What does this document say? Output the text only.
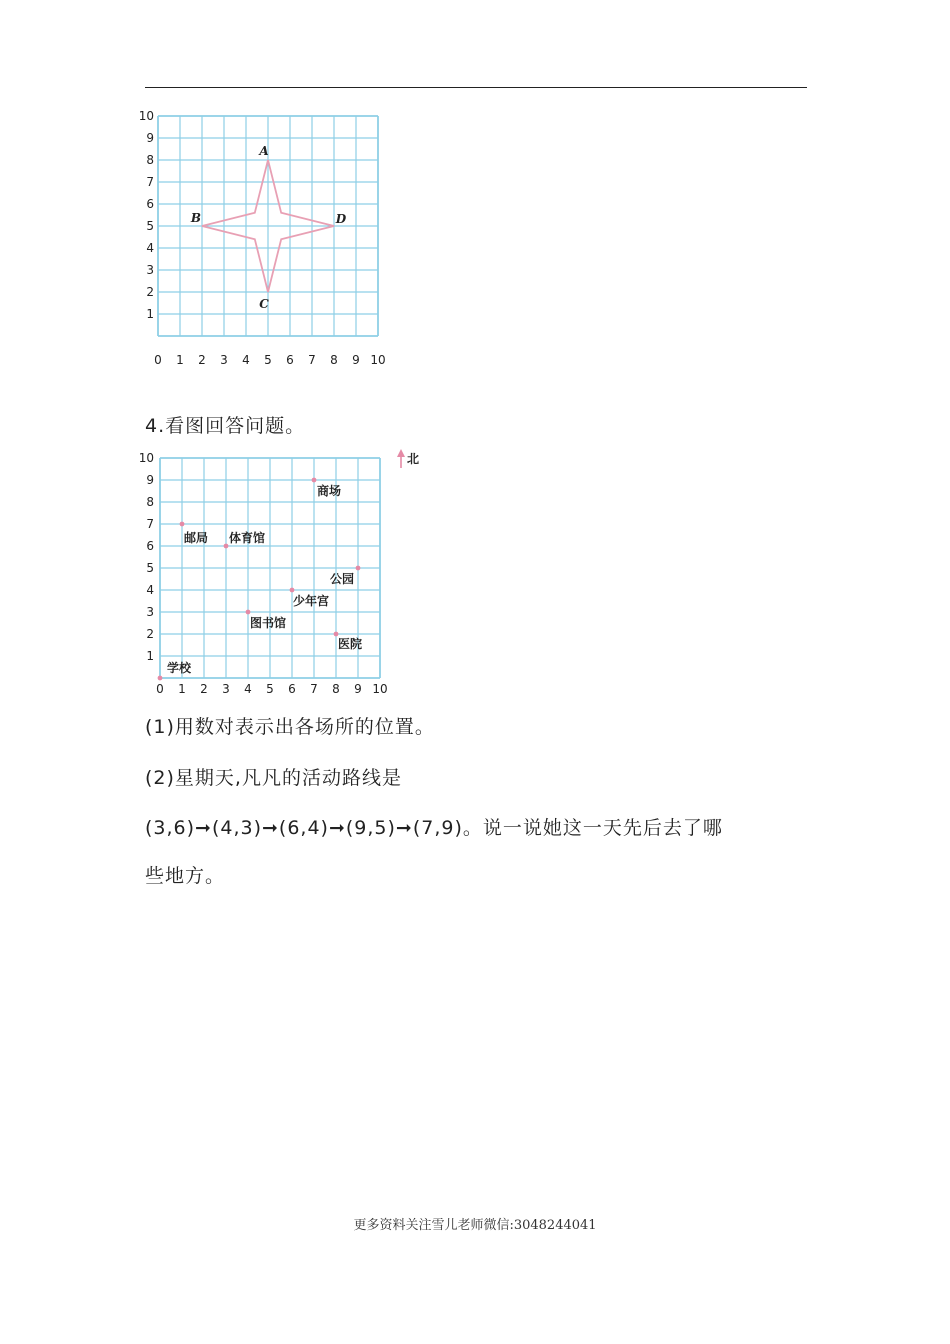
1
2
3
4
5
6
7
8
9
10
0 1 2 3 4 5 6 7 8 9 10
A
B
C
D
4.看图回答问题。
1
2
3
4
5
6
7
8
9
10
0 1 2 3 4 5 6 7 8 9 10
北
学校
邮局 体育馆
商场
公园
少年宫
图书馆
医院
(1)用数对表示出各场所的位置。
(2)星期天,凡凡的活动路线是
(3,6)➞(4,3)➞(6,4)➞(9,5)➞(7,9)。说一说她这一天先后去了哪
些地方。
更多资料关注雪儿老师微信:3048244041
